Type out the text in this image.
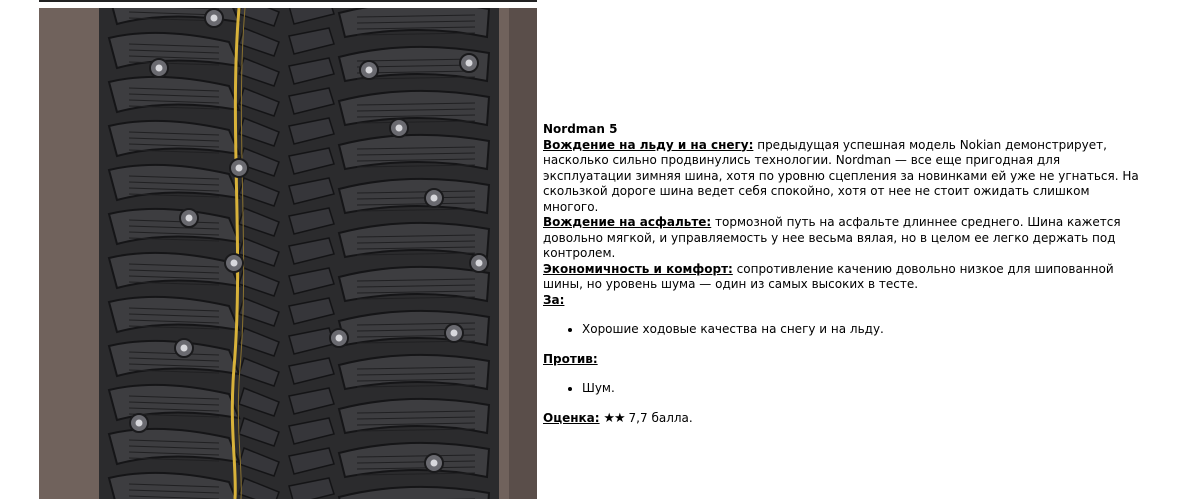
Nordman 5

Вождение на льду и на снегу: предыдущая успешная модель Nokian демонстрирует, насколько сильно продвинулись технологии. Nordman — все еще пригодная для эксплуатации зимняя шина, хотя по уровню сцепления за новинками ей уже не угнаться. На скользкой дороге шина ведет себя спокойно, хотя от нее не стоит ожидать слишком многого.

Вождение на асфальте: тормозной путь на асфальте длиннее среднего. Шина кажется довольно мягкой, и управляемость у нее весьма вялая, но в целом ее легко держать под контролем.

Экономичность и комфорт: сопротивление качению довольно низкое для шипованной шины, но уровень шума — один из самых высоких в тесте.

За:

• Хорошие ходовые качества на снегу и на льду.

Против:

• Шум.

Оценка: ★★ 7,7 балла.
